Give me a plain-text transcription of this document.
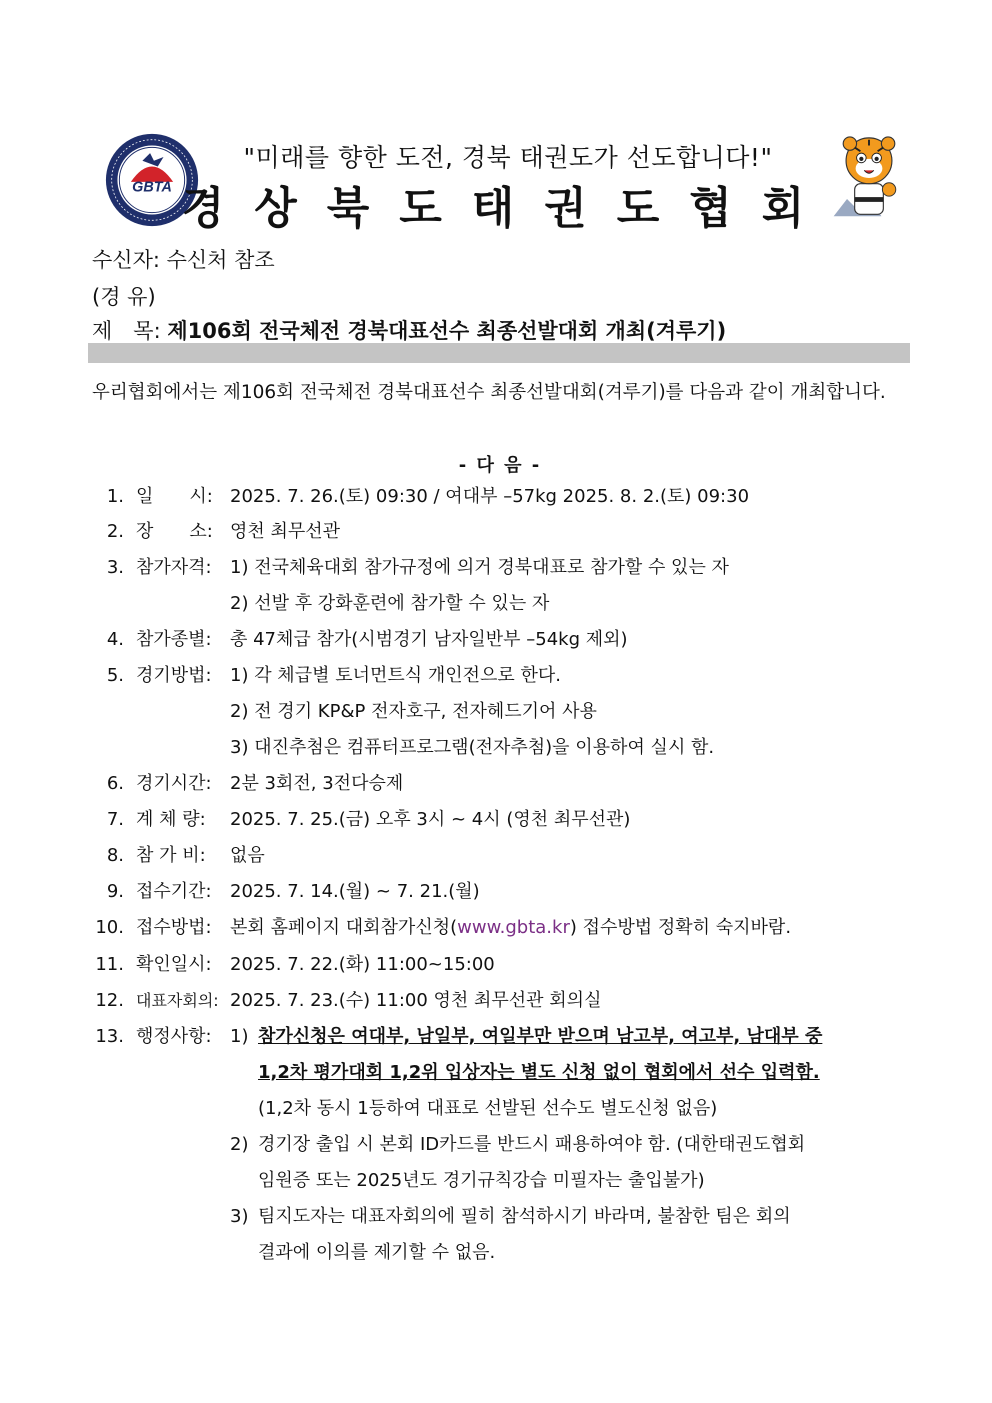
GBTA
"미래를 향한 도전, 경북 태권도가 선도합니다!"
경상북도태권도협회
수신자: 수신처 참조
(경 유)
제　목: 제106회 전국체전 경북대표선수 최종선발대회 개최(겨루기)
우리협회에서는 제106회 전국체전 경북대표선수 최종선발대회(겨루기)를 다음과 같이 개최합니다.
- 다 음 -
1. 일　　시: 2025. 7. 26.(토) 09:30 / 여대부 –57kg 2025. 8. 2.(토) 09:30
2. 장　　소: 영천 최무선관
3. 참가자격: 1) 전국체육대회 참가규정에 의거 경북대표로 참가할 수 있는 자
2) 선발 후 강화훈련에 참가할 수 있는 자
4. 참가종별: 총 47체급 참가(시범경기 남자일반부 –54kg 제외)
5. 경기방법: 1) 각 체급별 토너먼트식 개인전으로 한다.
2) 전 경기 KP&P 전자호구, 전자헤드기어 사용
3) 대진추첨은 컴퓨터프로그램(전자추첨)을 이용하여 실시 함.
6. 경기시간: 2분 3회전, 3전다승제
7. 계 체 량: 2025. 7. 25.(금) 오후 3시 ~ 4시 (영천 최무선관)
8. 참 가 비: 없음
9. 접수기간: 2025. 7. 14.(월) ~ 7. 21.(월)
10. 접수방법: 본회 홈페이지 대회참가신청(www.gbta.kr) 접수방법 정확히 숙지바람.
11. 확인일시: 2025. 7. 22.(화) 11:00~15:00
12. 대표자회의: 2025. 7. 23.(수) 11:00 영천 최무선관 회의실
13. 행정사항: 1) 참가신청은 여대부, 남일부, 여일부만 받으며 남고부, 여고부, 남대부 중
1,2차 평가대회 1,2위 입상자는 별도 신청 없이 협회에서 선수 입력함.
(1,2차 동시 1등하여 대표로 선발된 선수도 별도신청 없음)
2) 경기장 출입 시 본회 ID카드를 반드시 패용하여야 함. (대한태권도협회
임원증 또는 2025년도 경기규칙강습 미필자는 출입불가)
3) 팀지도자는 대표자회의에 필히 참석하시기 바라며, 불참한 팀은 회의
결과에 이의를 제기할 수 없음.
